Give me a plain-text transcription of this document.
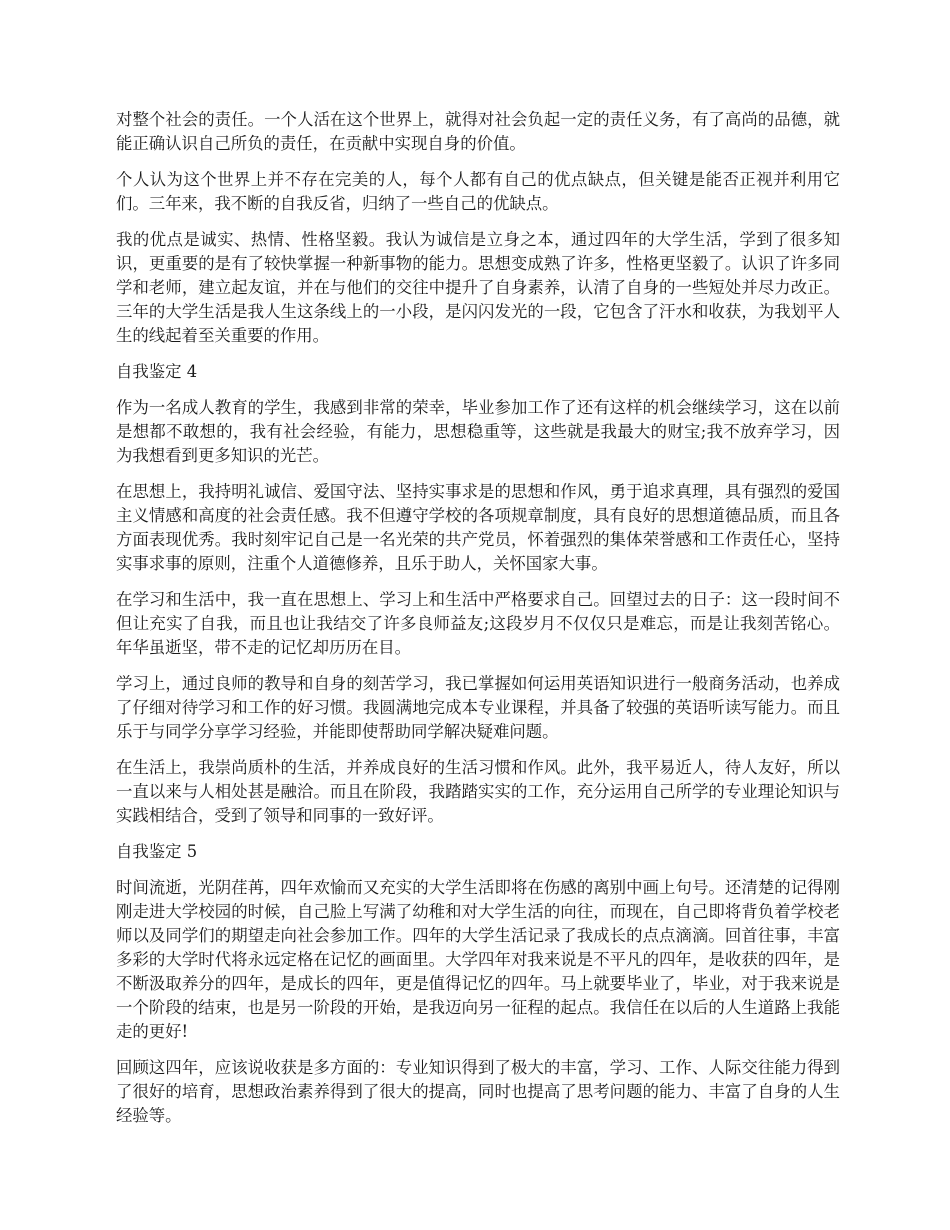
对整个社会的责任。一个人活在这个世界上，就得对社会负起一定的责任义务，有了高尚的品德，就能正确认识自己所负的责任，在贡献中实现自身的价值。

个人认为这个世界上并不存在完美的人，每个人都有自己的优点缺点，但关键是能否正视并利用它们。三年来，我不断的自我反省，归纳了一些自己的优缺点。

我的优点是诚实、热情、性格坚毅。我认为诚信是立身之本，通过四年的大学生活，学到了很多知识，更重要的是有了较快掌握一种新事物的能力。思想变成熟了许多，性格更坚毅了。认识了许多同学和老师，建立起友谊，并在与他们的交往中提升了自身素养，认清了自身的一些短处并尽力改正。三年的大学生活是我人生这条线上的一小段，是闪闪发光的一段，它包含了汗水和收获，为我划平人生的线起着至关重要的作用。

自我鉴定 4

作为一名成人教育的学生，我感到非常的荣幸，毕业参加工作了还有这样的机会继续学习，这在以前是想都不敢想的，我有社会经验，有能力，思想稳重等，这些就是我最大的财宝;我不放弃学习，因为我想看到更多知识的光芒。

在思想上，我持明礼诚信、爱国守法、坚持实事求是的思想和作风，勇于追求真理，具有强烈的爱国主义情感和高度的社会责任感。我不但遵守学校的各项规章制度，具有良好的思想道德品质，而且各方面表现优秀。我时刻牢记自己是一名光荣的共产党员，怀着强烈的集体荣誉感和工作责任心，坚持实事求事的原则，注重个人道德修养，且乐于助人，关怀国家大事。

在学习和生活中，我一直在思想上、学习上和生活中严格要求自己。回望过去的日子：这一段时间不但让充实了自我，而且也让我结交了许多良师益友;这段岁月不仅仅只是难忘，而是让我刻苦铭心。年华虽逝坚，带不走的记忆却历历在目。

学习上，通过良师的教导和自身的刻苦学习，我已掌握如何运用英语知识进行一般商务活动，也养成了仔细对待学习和工作的好习惯。我圆满地完成本专业课程，并具备了较强的英语听读写能力。而且乐于与同学分享学习经验，并能即使帮助同学解决疑难问题。

在生活上，我崇尚质朴的生活，并养成良好的生活习惯和作风。此外，我平易近人，待人友好，所以一直以来与人相处甚是融洽。而且在阶段，我踏踏实实的工作，充分运用自己所学的专业理论知识与实践相结合，受到了领导和同事的一致好评。

自我鉴定 5

时间流逝，光阴荏苒，四年欢愉而又充实的大学生活即将在伤感的离别中画上句号。还清楚的记得刚刚走进大学校园的时候，自己脸上写满了幼稚和对大学生活的向往，而现在，自己即将背负着学校老师以及同学们的期望走向社会参加工作。四年的大学生活记录了我成长的点点滴滴。回首往事，丰富多彩的大学时代将永远定格在记忆的画面里。大学四年对我来说是不平凡的四年，是收获的四年，是不断汲取养分的四年，是成长的四年，更是值得记忆的四年。马上就要毕业了，毕业，对于我来说是一个阶段的结束，也是另一阶段的开始，是我迈向另一征程的起点。我信任在以后的人生道路上我能走的更好!

回顾这四年，应该说收获是多方面的：专业知识得到了极大的丰富，学习、工作、人际交往能力得到了很好的培育，思想政治素养得到了很大的提高，同时也提高了思考问题的能力、丰富了自身的人生经验等。
